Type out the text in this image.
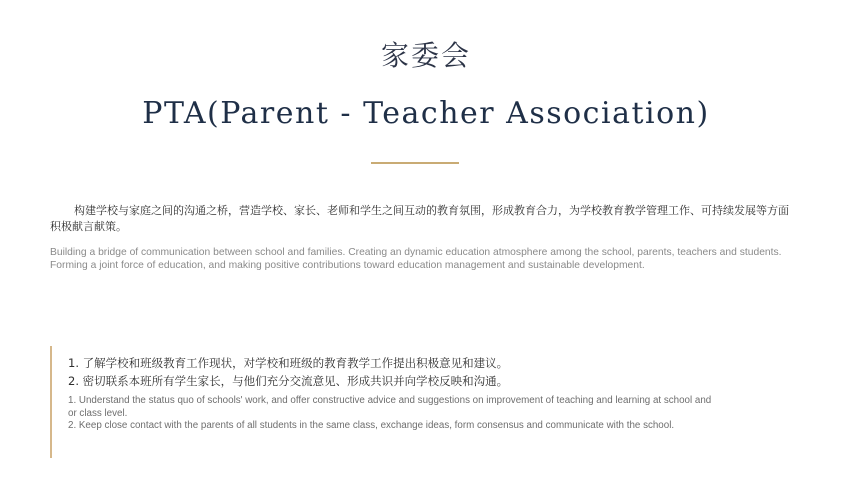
家委会
PTA(Parent - Teacher Association)
构建学校与家庭之间的沟通之桥，营造学校、家长、老师和学生之间互动的教育氛围，形成教育合力，为学校教育教学管理工作、可持续发展等方面积极献言献策。
Building a bridge of communication between school and families. Creating an dynamic education atmosphere among the school, parents, teachers and students. Forming a joint force of education, and making positive contributions toward education management and sustainable development.
1. 了解学校和班级教育工作现状，对学校和班级的教育教学工作提出积极意见和建议。
2. 密切联系本班所有学生家长，与他们充分交流意见、形成共识并向学校反映和沟通。
1. Understand the status quo of schools' work, and offer constructive advice and suggestions on improvement of teaching and learning at school and or class level.
2. Keep close contact with the parents of all students in the same class, exchange ideas, form consensus and communicate with the school.
